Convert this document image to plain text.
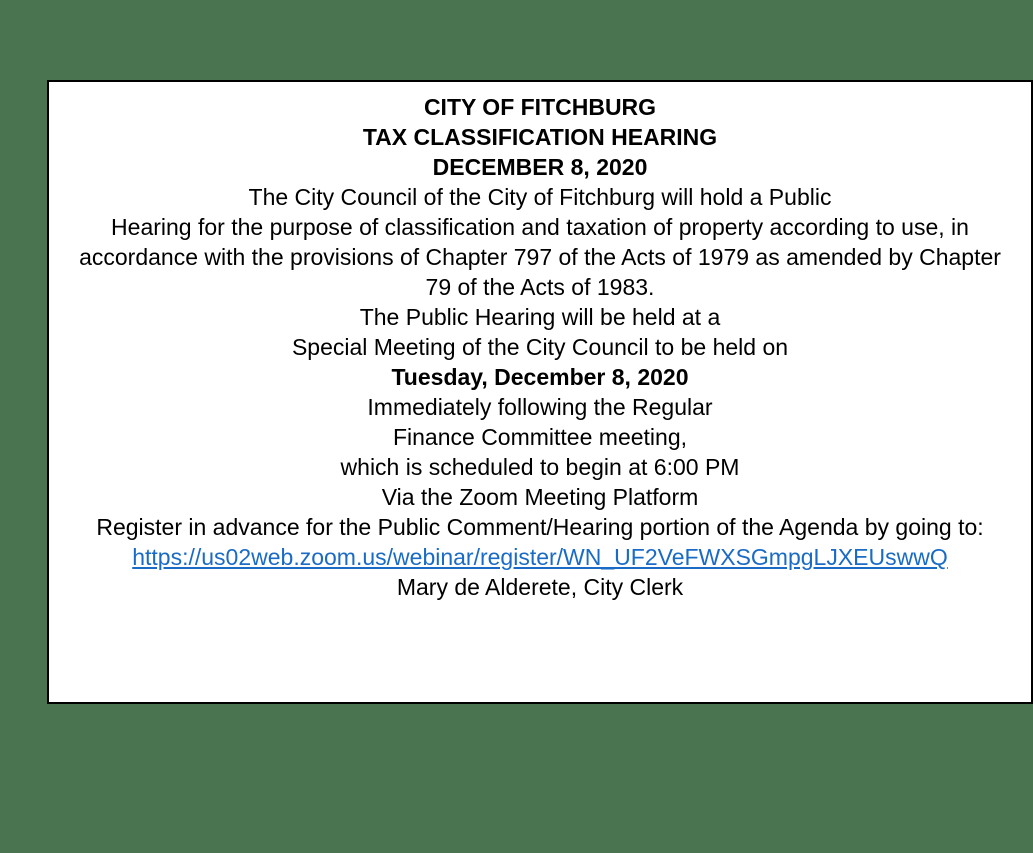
CITY OF FITCHBURG
TAX CLASSIFICATION HEARING
DECEMBER 8, 2020
The City Council of the City of Fitchburg will hold a Public
Hearing for the purpose of classification and taxation of property according to use, in accordance with the provisions of Chapter 797 of the Acts of 1979 as amended by Chapter 79 of the Acts of 1983.
The Public Hearing will be held at a
Special Meeting of the City Council to be held on
Tuesday, December 8, 2020
Immediately following the Regular
Finance Committee meeting,
which is scheduled to begin at 6:00 PM
Via the Zoom Meeting Platform
Register in advance for the Public Comment/Hearing portion of the Agenda by going to:
https://us02web.zoom.us/webinar/register/WN_UF2VeFWXSGmpgLJXEUswwQ
Mary de Alderete, City Clerk
